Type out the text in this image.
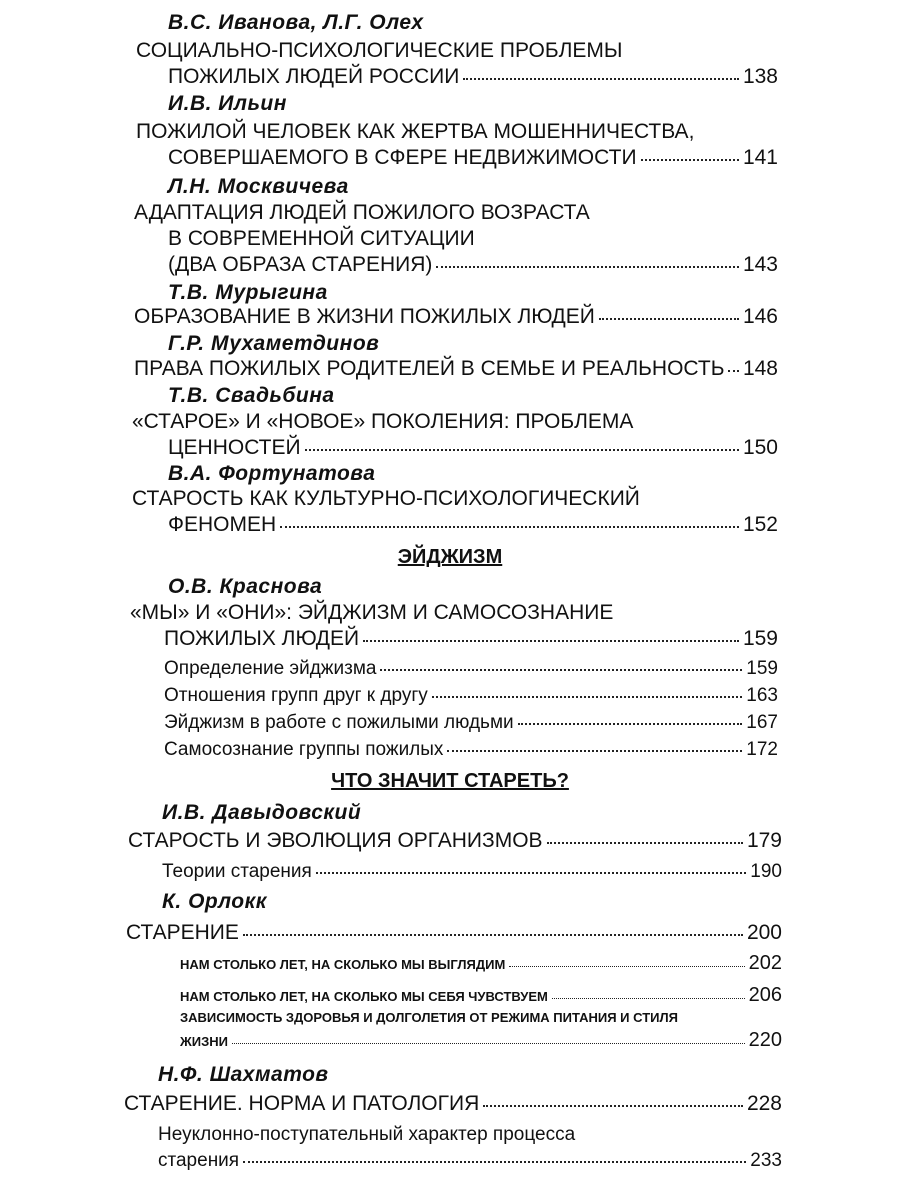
В.С. Иванова, Л.Г. Олех
СОЦИАЛЬНО-ПСИХОЛОГИЧЕСКИЕ ПРОБЛЕМЫ
ПОЖИЛЫХ ЛЮДЕЙ РОССИИ	138
И.В. Ильин
ПОЖИЛОЙ ЧЕЛОВЕК КАК ЖЕРТВА МОШЕННИЧЕСТВА,
СОВЕРШАЕМОГО В СФЕРЕ НЕДВИЖИМОСТИ	141
Л.Н. Москвичева
АДАПТАЦИЯ ЛЮДЕЙ ПОЖИЛОГО ВОЗРАСТА
В СОВРЕМЕННОЙ СИТУАЦИИ
(ДВА ОБРАЗА СТАРЕНИЯ)	143
Т.В. Мурыгина
ОБРАЗОВАНИЕ В ЖИЗНИ ПОЖИЛЫХ ЛЮДЕЙ	146
Г.Р. Мухаметдинов
ПРАВА ПОЖИЛЫХ РОДИТЕЛЕЙ В СЕМЬЕ И РЕАЛЬНОСТЬ 148
Т.В. Свадьбина
«СТАРОЕ» И «НОВОЕ» ПОКОЛЕНИЯ: ПРОБЛЕМА
ЦЕННОСТЕЙ	150
В.А. Фортунатова
СТАРОСТЬ КАК КУЛЬТУРНО-ПСИХОЛОГИЧЕСКИЙ
ФЕНОМЕН	152
ЭЙДЖИЗМ
О.В. Краснова
«МЫ» И «ОНИ»: ЭЙДЖИЗМ И САМОСОЗНАНИЕ
ПОЖИЛЫХ ЛЮДЕЙ	159
Определение эйджизма	159
Отношения групп друг к другу	163
Эйджизм в работе с пожилыми людьми	167
Самосознание группы пожилых	172
ЧТО ЗНАЧИТ СТАРЕТЬ?
И.В. Давыдовский
СТАРОСТЬ И ЭВОЛЮЦИЯ ОРГАНИЗМОВ	179
Теории старения	190
К. Орлокк
СТАРЕНИЕ	200
НАМ СТОЛЬКО ЛЕТ, НА СКОЛЬКО МЫ ВЫГЛЯДИМ	202
НАМ СТОЛЬКО ЛЕТ, НА СКОЛЬКО МЫ СЕБЯ ЧУВСТВУЕМ	206
ЗАВИСИМОСТЬ ЗДОРОВЬЯ И ДОЛГОЛЕТИЯ ОТ РЕЖИМА ПИТАНИЯ И СТИЛЯ
ЖИЗНИ	220
Н.Ф. Шахматов
СТАРЕНИЕ. НОРМА И ПАТОЛОГИЯ	228
Неуклонно-поступательный характер процесса
старения	233
